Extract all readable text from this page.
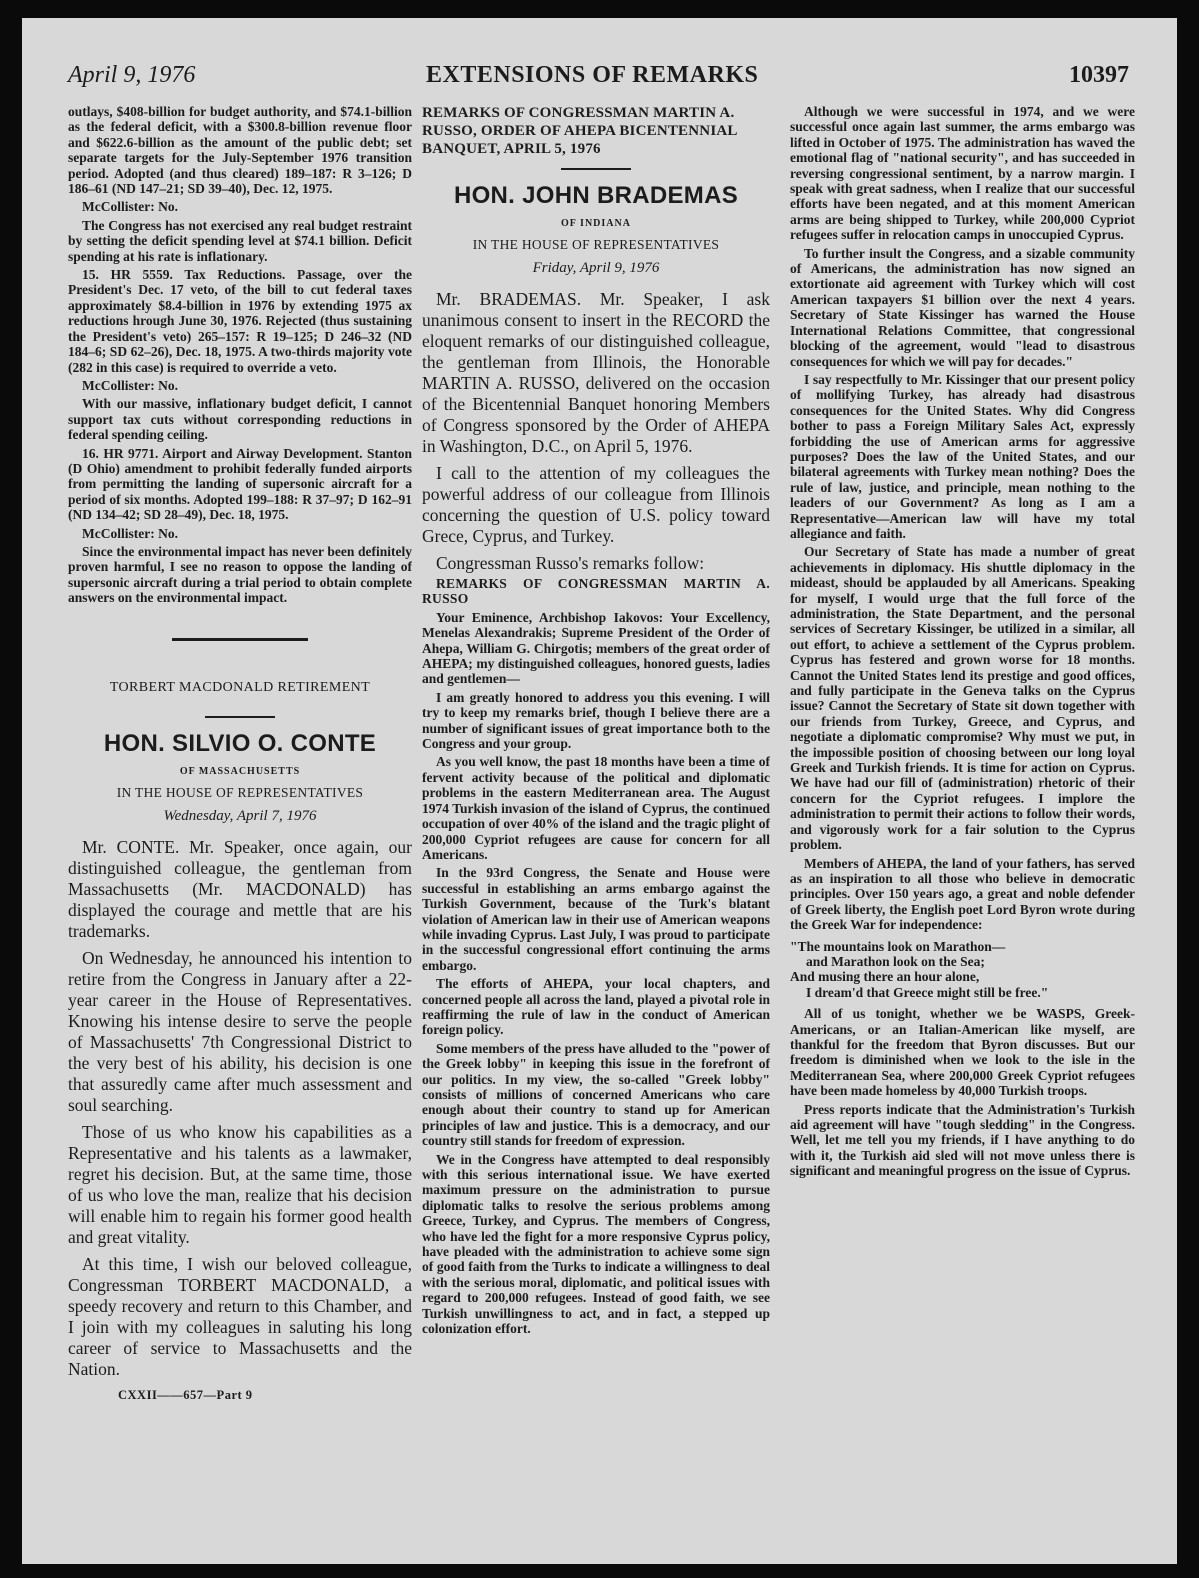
April 9, 1976	EXTENSIONS OF REMARKS	10397

outlays, $408-billion for budget authority, and $74.1-billion as the federal deficit, with a $300.8-billion revenue floor and $622.6-billion as the amount of the public debt; set separate targets for the July-September 1976 transition period. Adopted (and thus cleared) 189–187: R 3–126; D 186–61 (ND 147–21; SD 39–40), Dec. 12, 1975.

McCollister: No.

The Congress has not exercised any real budget restraint by setting the deficit spending level at $74.1 billion. Deficit spending at his rate is inflationary.

15. HR 5559. Tax Reductions. Passage, over the President's Dec. 17 veto, of the bill to cut federal taxes approximately $8.4-billion in 1976 by extending 1975 ax reductions hrough June 30, 1976. Rejected (thus sustaining the President's veto) 265–157: R 19–125; D 246–32 (ND 184–6; SD 62–26), Dec. 18, 1975. A two-thirds majority vote (282 in this case) is required to override a veto.

McCollister: No.

With our massive, inflationary budget deficit, I cannot support tax cuts without corresponding reductions in federal spending ceiling.

16. HR 9771. Airport and Airway Development. Stanton (D Ohio) amendment to prohibit federally funded airports from permitting the landing of supersonic aircraft for a period of six months. Adopted 199–188: R 37–97; D 162–91 (ND 134–42; SD 28–49), Dec. 18, 1975.

McCollister: No.

Since the environmental impact has never been definitely proven harmful, I see no reason to oppose the landing of supersonic aircraft during a trial period to obtain complete answers on the environmental impact.

TORBERT MACDONALD RETIREMENT
HON. SILVIO O. CONTE
OF MASSACHUSETTS
IN THE HOUSE OF REPRESENTATIVES
Wednesday, April 7, 1976

Mr. CONTE. Mr. Speaker, once again, our distinguished colleague, the gentleman from Massachusetts (Mr. MACDONALD) has displayed the courage and mettle that are his trademarks.

On Wednesday, he announced his intention to retire from the Congress in January after a 22-year career in the House of Representatives. Knowing his intense desire to serve the people of Massachusetts' 7th Congressional District to the very best of his ability, his decision is one that assuredly came after much assessment and soul searching.

Those of us who know his capabilities as a Representative and his talents as a lawmaker, regret his decision. But, at the same time, those of us who love the man, realize that his decision will enable him to regain his former good health and great vitality.

At this time, I wish our beloved colleague, Congressman TORBERT MACDONALD, a speedy recovery and return to this Chamber, and I join with my colleagues in saluting his long career of service to Massachusetts and the Nation.

CXXII——657—Part 9
REMARKS OF CONGRESSMAN MARTIN A. RUSSO, ORDER OF AHEPA BICENTENNIAL BANQUET, APRIL 5, 1976
HON. JOHN BRADEMAS
OF INDIANA
IN THE HOUSE OF REPRESENTATIVES
Friday, April 9, 1976

Mr. BRADEMAS. Mr. Speaker, I ask unanimous consent to insert in the RECORD the eloquent remarks of our distinguished colleague, the gentleman from Illinois, the Honorable MARTIN A. RUSSO, delivered on the occasion of the Bicentennial Banquet honoring Members of Congress sponsored by the Order of AHEPA in Washington, D.C., on April 5, 1976.

I call to the attention of my colleagues the powerful address of our colleague from Illinois concerning the question of U.S. policy toward Grece, Cyprus, and Turkey.

Congressman Russo's remarks follow:

REMARKS OF CONGRESSMAN MARTIN A. RUSSO

Your Eminence, Archbishop Iakovos: Your Excellency, Menelas Alexandrakis; Supreme President of the Order of Ahepa, William G. Chirgotis; members of the great order of AHEPA; my distinguished colleagues, honored guests, ladies and gentlemen—

I am greatly honored to address you this evening. I will try to keep my remarks brief, though I believe there are a number of significant issues of great importance both to the Congress and your group.

As you well know, the past 18 months have been a time of fervent activity because of the political and diplomatic problems in the eastern Mediterranean area. The August 1974 Turkish invasion of the island of Cyprus, the continued occupation of over 40% of the island and the tragic plight of 200,000 Cypriot refugees are cause for concern for all Americans.

In the 93rd Congress, the Senate and House were successful in establishing an arms embargo against the Turkish Government, because of the Turk's blatant violation of American law in their use of American weapons while invading Cyprus. Last July, I was proud to participate in the successful congressional effort continuing the arms embargo.

The efforts of AHEPA, your local chapters, and concerned people all across the land, played a pivotal role in reaffirming the rule of law in the conduct of American foreign policy.

Some members of the press have alluded to the "power of the Greek lobby" in keeping this issue in the forefront of our politics. In my view, the so-called "Greek lobby" consists of millions of concerned Americans who care enough about their country to stand up for American principles of law and justice. This is a democracy, and our country still stands for freedom of expression.

We in the Congress have attempted to deal responsibly with this serious international issue. We have exerted maximum pressure on the administration to pursue diplomatic talks to resolve the serious problems among Greece, Turkey, and Cyprus. The members of Congress, who have led the fight for a more responsive Cyprus policy, have pleaded with the administration to achieve some sign of good faith from the Turks to indicate a willingness to deal with the serious moral, diplomatic, and political issues with regard to 200,000 refugees. Instead of good faith, we see Turkish unwillingness to act, and in fact, a stepped up colonization effort.

Although we were successful in 1974, and we were successful once again last summer, the arms embargo was lifted in October of 1975. The administration has waved the emotional flag of "national security", and has succeeded in reversing congressional sentiment, by a narrow margin. I speak with great sadness, when I realize that our successful efforts have been negated, and at this moment American arms are being shipped to Turkey, while 200,000 Cypriot refugees suffer in relocation camps in unoccupied Cyprus.

To further insult the Congress, and a sizable community of Americans, the administration has now signed an extortionate aid agreement with Turkey which will cost American taxpayers $1 billion over the next 4 years. Secretary of State Kissinger has warned the House International Relations Committee, that congressional blocking of the agreement, would "lead to disastrous consequences for which we will pay for decades."

I say respectfully to Mr. Kissinger that our present policy of mollifying Turkey, has already had disastrous consequences for the United States. Why did Congress bother to pass a Foreign Military Sales Act, expressly forbidding the use of American arms for aggressive purposes? Does the law of the United States, and our bilateral agreements with Turkey mean nothing? Does the rule of law, justice, and principle, mean nothing to the leaders of our Government? As long as I am a Representative—American law will have my total allegiance and faith.

Our Secretary of State has made a number of great achievements in diplomacy. His shuttle diplomacy in the mideast, should be applauded by all Americans. Speaking for myself, I would urge that the full force of the administration, the State Department, and the personal services of Secretary Kissinger, be utilized in a similar, all out effort, to achieve a settlement of the Cyprus problem. Cyprus has festered and grown worse for 18 months. Cannot the United States lend its prestige and good offices, and fully participate in the Geneva talks on the Cyprus issue? Cannot the Secretary of State sit down together with our friends from Turkey, Greece, and Cyprus, and negotiate a diplomatic compromise? Why must we put, in the impossible position of choosing between our long loyal Greek and Turkish friends. It is time for action on Cyprus. We have had our fill of (administration) rhetoric of their concern for the Cypriot refugees. I implore the administration to permit their actions to follow their words, and vigorously work for a fair solution to the Cyprus problem.

Members of AHEPA, the land of your fathers, has served as an inspiration to all those who believe in democratic principles. Over 150 years ago, a great and noble defender of Greek liberty, the English poet Lord Byron wrote during the Greek War for independence:

"The mountains look on Marathon—
and Marathon look on the Sea;
And musing there an hour alone,
I dream'd that Greece might still be free."

All of us tonight, whether we be WASPS, Greek-Americans, or an Italian-American like myself, are thankful for the freedom that Byron discusses. But our freedom is diminished when we look to the isle in the Mediterranean Sea, where 200,000 Greek Cypriot refugees have been made homeless by 40,000 Turkish troops.

Press reports indicate that the Administration's Turkish aid agreement will have "tough sledding" in the Congress. Well, let me tell you my friends, if I have anything to do with it, the Turkish aid sled will not move unless there is significant and meaningful progress on the issue of Cyprus.
